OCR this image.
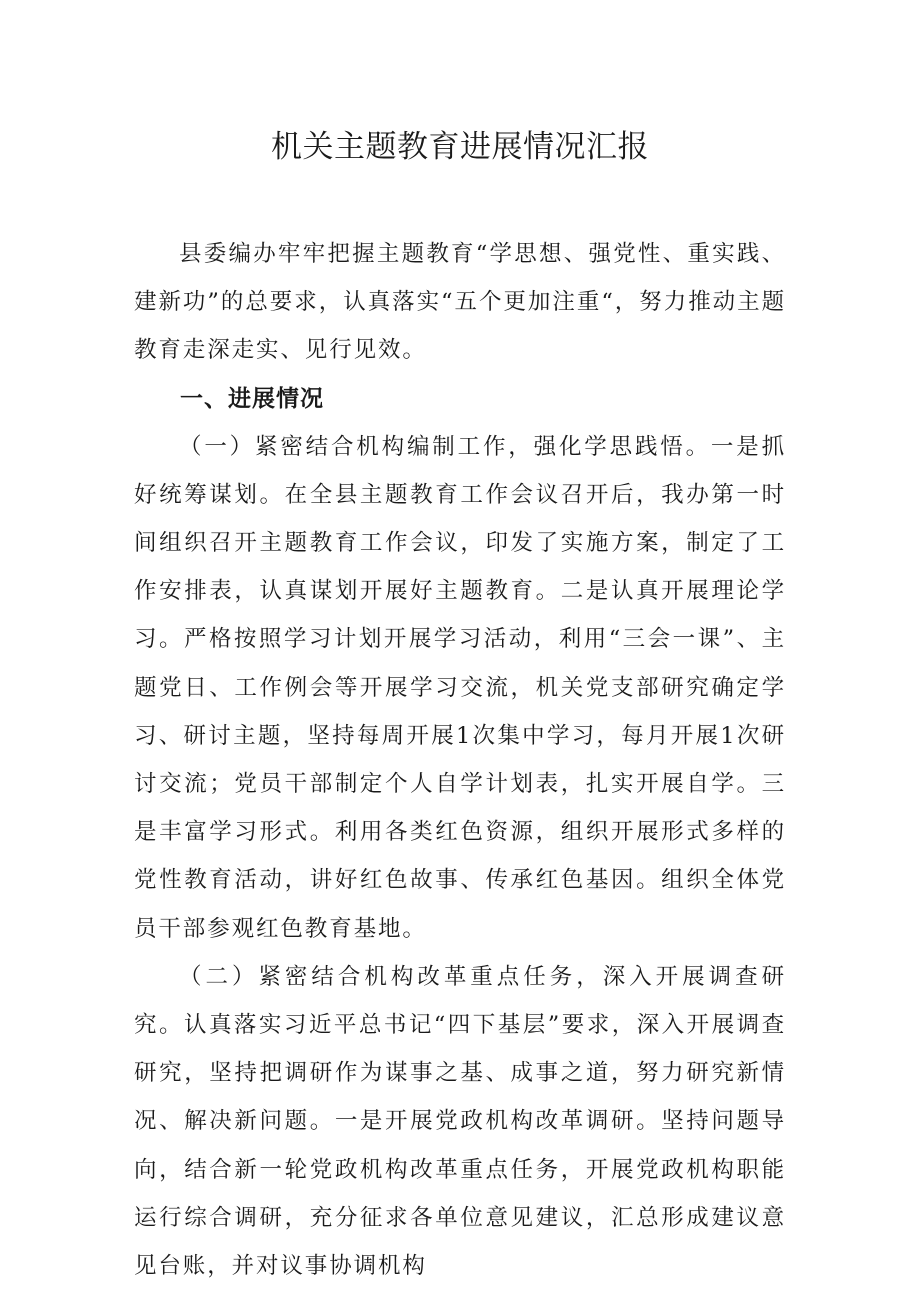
机关主题教育进展情况汇报

县委编办牢牢把握主题教育“学思想、强党性、重实践、建新功”的总要求，认真落实“五个更加注重“，努力推动主题教育走深走实、见行见效。

一、进展情况

（一）紧密结合机构编制工作，强化学思践悟。一是抓好统筹谋划。在全县主题教育工作会议召开后，我办第一时间组织召开主题教育工作会议，印发了实施方案，制定了工作安排表，认真谋划开展好主题教育。二是认真开展理论学习。严格按照学习计划开展学习活动，利用“三会一课”、主题党日、工作例会等开展学习交流，机关党支部研究确定学习、研讨主题，坚持每周开展1次集中学习，每月开展1次研讨交流；党员干部制定个人自学计划表，扎实开展自学。三是丰富学习形式。利用各类红色资源，组织开展形式多样的党性教育活动，讲好红色故事、传承红色基因。组织全体党员干部参观红色教育基地。

（二）紧密结合机构改革重点任务，深入开展调查研究。认真落实习近平总书记“四下基层”要求，深入开展调查研究，坚持把调研作为谋事之基、成事之道，努力研究新情况、解决新问题。一是开展党政机构改革调研。坚持问题导向，结合新一轮党政机构改革重点任务，开展党政机构职能运行综合调研，充分征求各单位意见建议，汇总形成建议意见台账，并对议事协调机构
